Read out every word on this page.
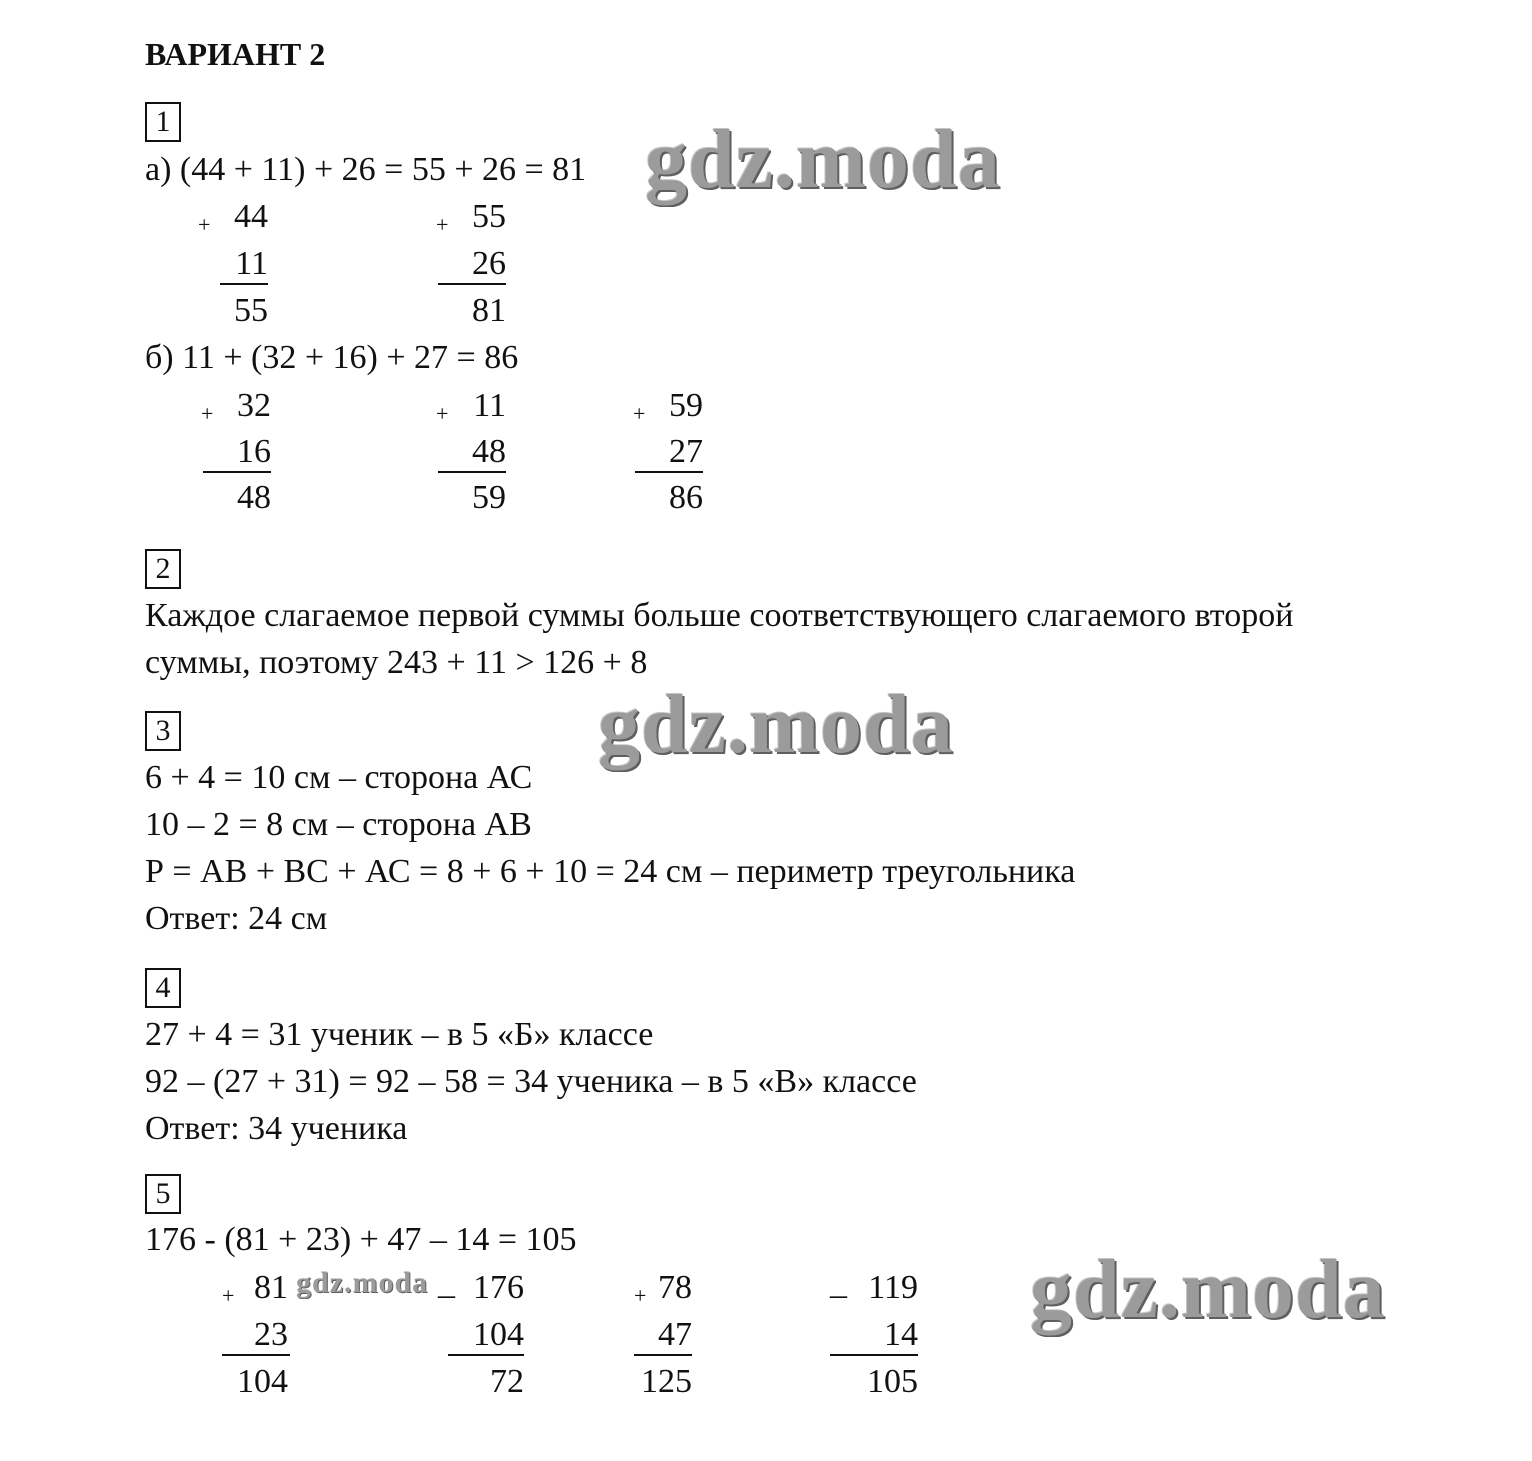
ВАРИАНТ 2
1
а) (44 + 11) + 26 = 55 + 26 = 81
+ 44
11
55
+ 55
26
81
б) 11 + (32 + 16) + 27 = 86
+ 32
16
48
+ 11
48
59
+ 59
27
86
2
Каждое слагаемое первой суммы больше соответствующего слагаемого второй
суммы, поэтому 243 + 11 > 126 + 8
3
6 + 4 = 10 см – сторона АС
10 – 2 = 8 см – сторона АВ
Р = АВ + ВС + АС = 8 + 6 + 10 = 24 см – периметр треугольника
Ответ: 24 см
4
27 + 4 = 31 ученик – в 5 «Б» классе
92 – (27 + 31) = 92 – 58 = 34 ученика – в 5 «В» классе
Ответ: 34 ученика
5
176 - (81 + 23) + 47 – 14 = 105
+ 81
23
104
– 176
104
72
+ 78
47
125
– 119
14
105
gdz.moda
gdz.moda
gdz.moda
gdz.moda
